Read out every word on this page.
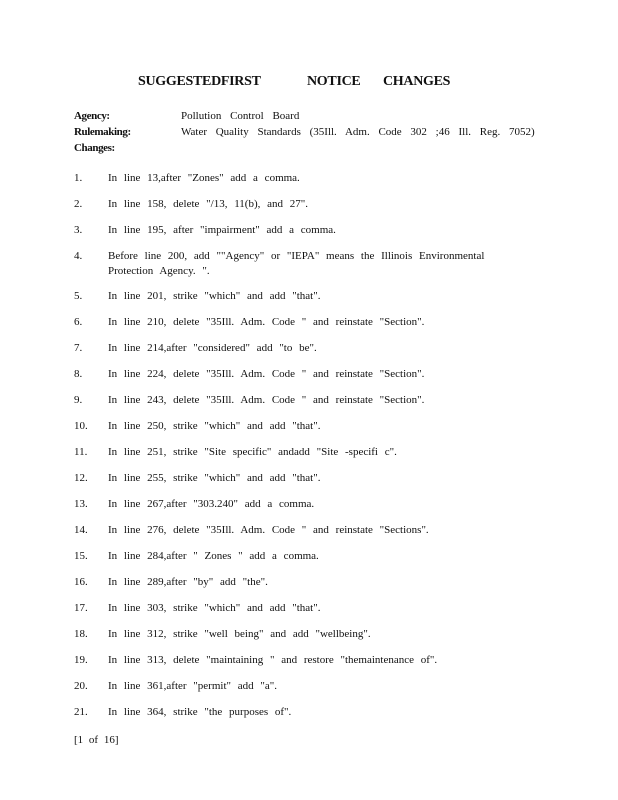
SUGGESTEDFIRST	NOTICE CHANGES
Agency:	Pollution Control Board
Rulemaking:	Water Quality Standards (35Ill. Adm. Code 302 ;46 Ill. Reg. 7052)
Changes:
1. In line 13,after "Zones" add a comma.
2. In line 158, delete "/13, 11(b), and 27".
3. In line 195, after "impairment" add a comma.
4. Before line 200, add ""Agency" or "IEPA" means the Illinois Environmental Protection Agency. ".
5. In line 201, strike "which" and add "that".
6. In line 210, delete "35Ill. Adm. Code " and reinstate "Section".
7. In line 214,after "considered" add "to be".
8. In line 224, delete "35Ill. Adm. Code " and reinstate "Section".
9. In line 243, delete "35Ill. Adm. Code " and reinstate "Section".
10. In line 250, strike "which" and add "that".
11. In line 251, strike "Site specific" andadd "Site -specifi c".
12. In line 255, strike "which" and add "that".
13. In line 267,after "303.240" add a comma.
14. In line 276, delete "35Ill. Adm. Code " and reinstate "Sections".
15. In line 284,after " Zones " add a comma.
16. In line 289,after "by" add "the".
17. In line 303, strike "which" and add "that".
18. In line 312, strike "well being" and add "wellbeing".
19. In line 313, delete "maintaining " and restore "themaintenance of".
20. In line 361,after "permit" add "a".
21. In line 364, strike "the purposes of".
[1 of 16]
